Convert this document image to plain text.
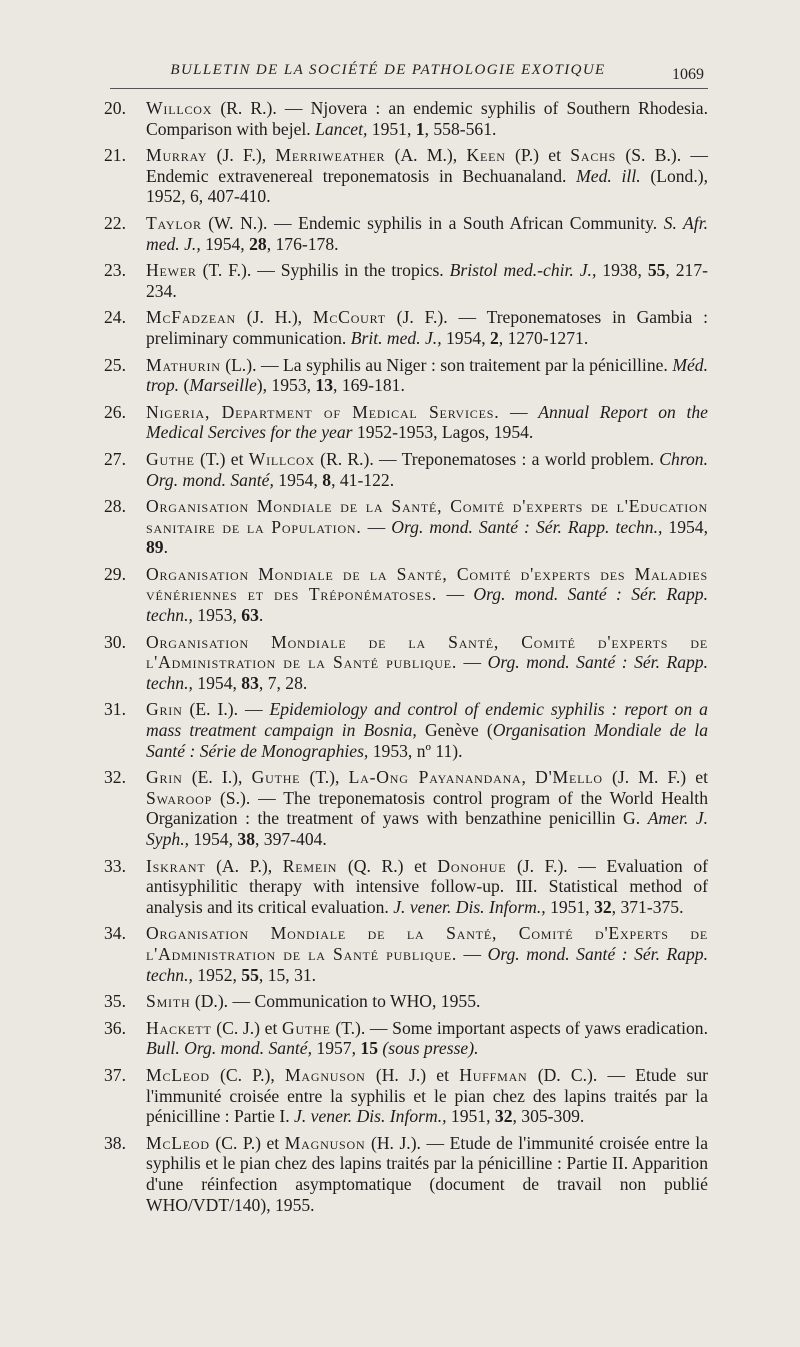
BULLETIN DE LA SOCIÉTÉ DE PATHOLOGIE EXOTIQUE	1069
20.	Willcox (R. R.). — Njovera : an endemic syphilis of Southern Rhodesia. Comparison with bejel. Lancet, 1951, 1, 558-561.
21.	Murray (J. F.), Merriweather (A. M.), Keen (P.) et Sachs (S. B.). — Endemic extravenereal treponematosis in Bechuanaland. Med. ill. (Lond.), 1952, 6, 407-410.
22.	Taylor (W. N.). — Endemic syphilis in a South African Community. S. Afr. med. J., 1954, 28, 176-178.
23.	Hewer (T. F.). — Syphilis in the tropics. Bristol med.-chir. J., 1938, 55, 217-234.
24.	McFadzean (J. H.), McCourt (J. F.). — Treponematoses in Gambia : preliminary communication. Brit. med. J., 1954, 2, 1270-1271.
25.	Mathurin (L.). — La syphilis au Niger : son traitement par la pénicilline. Méd. trop. (Marseille), 1953, 13, 169-181.
26.	Nigeria, Department of Medical Services. — Annual Report on the Medical Sercives for the year 1952-1953, Lagos, 1954.
27.	Guthe (T.) et Willcox (R. R.). — Treponematoses : a world problem. Chron. Org. mond. Santé, 1954, 8, 41-122.
28.	Organisation Mondiale de la Santé, Comité d'experts de l'Education sanitaire de la Population. — Org. mond. Santé : Sér. Rapp. techn., 1954, 89.
29.	Organisation Mondiale de la Santé, Comité d'experts des Maladies vénériennes et des Tréponématoses. — Org. mond. Santé : Sér. Rapp. techn., 1953, 63.
30.	Organisation Mondiale de la Santé, Comité d'experts de l'Administration de la Santé publique. — Org. mond. Santé : Sér. Rapp. techn., 1954, 83, 7, 28.
31.	Grin (E. I.). — Epidemiology and control of endemic syphilis : report on a mass treatment campaign in Bosnia, Genève (Organisation Mondiale de la Santé : Série de Monographies, 1953, nº 11).
32.	Grin (E. I.), Guthe (T.), La-Ong Payanandana, D'Mello (J. M. F.) et Swaroop (S.). — The treponematosis control program of the World Health Organization : the treatment of yaws with benzathine penicillin G. Amer. J. Syph., 1954, 38, 397-404.
33.	Iskrant (A. P.), Remein (Q. R.) et Donohue (J. F.). — Evaluation of antisyphilitic therapy with intensive follow-up. III. Statistical method of analysis and its critical evaluation. J. vener. Dis. Inform., 1951, 32, 371-375.
34.	Organisation Mondiale de la Santé, Comité d'Experts de l'Administration de la Santé publique. — Org. mond. Santé : Sér. Rapp. techn., 1952, 55, 15, 31.
35.	Smith (D.). — Communication to WHO, 1955.
36.	Hackett (C. J.) et Guthe (T.). — Some important aspects of yaws eradication. Bull. Org. mond. Santé, 1957, 15 (sous presse).
37.	McLeod (C. P.), Magnuson (H. J.) et Huffman (D. C.). — Etude sur l'immunité croisée entre la syphilis et le pian chez des lapins traités par la pénicilline : Partie I. J. vener. Dis. Inform., 1951, 32, 305-309.
38.	McLeod (C. P.) et Magnuson (H. J.). — Etude de l'immunité croisée entre la syphilis et le pian chez des lapins traités par la pénicilline : Partie II. Apparition d'une réinfection asymptomatique (document de travail non publié WHO/VDT/140), 1955.
